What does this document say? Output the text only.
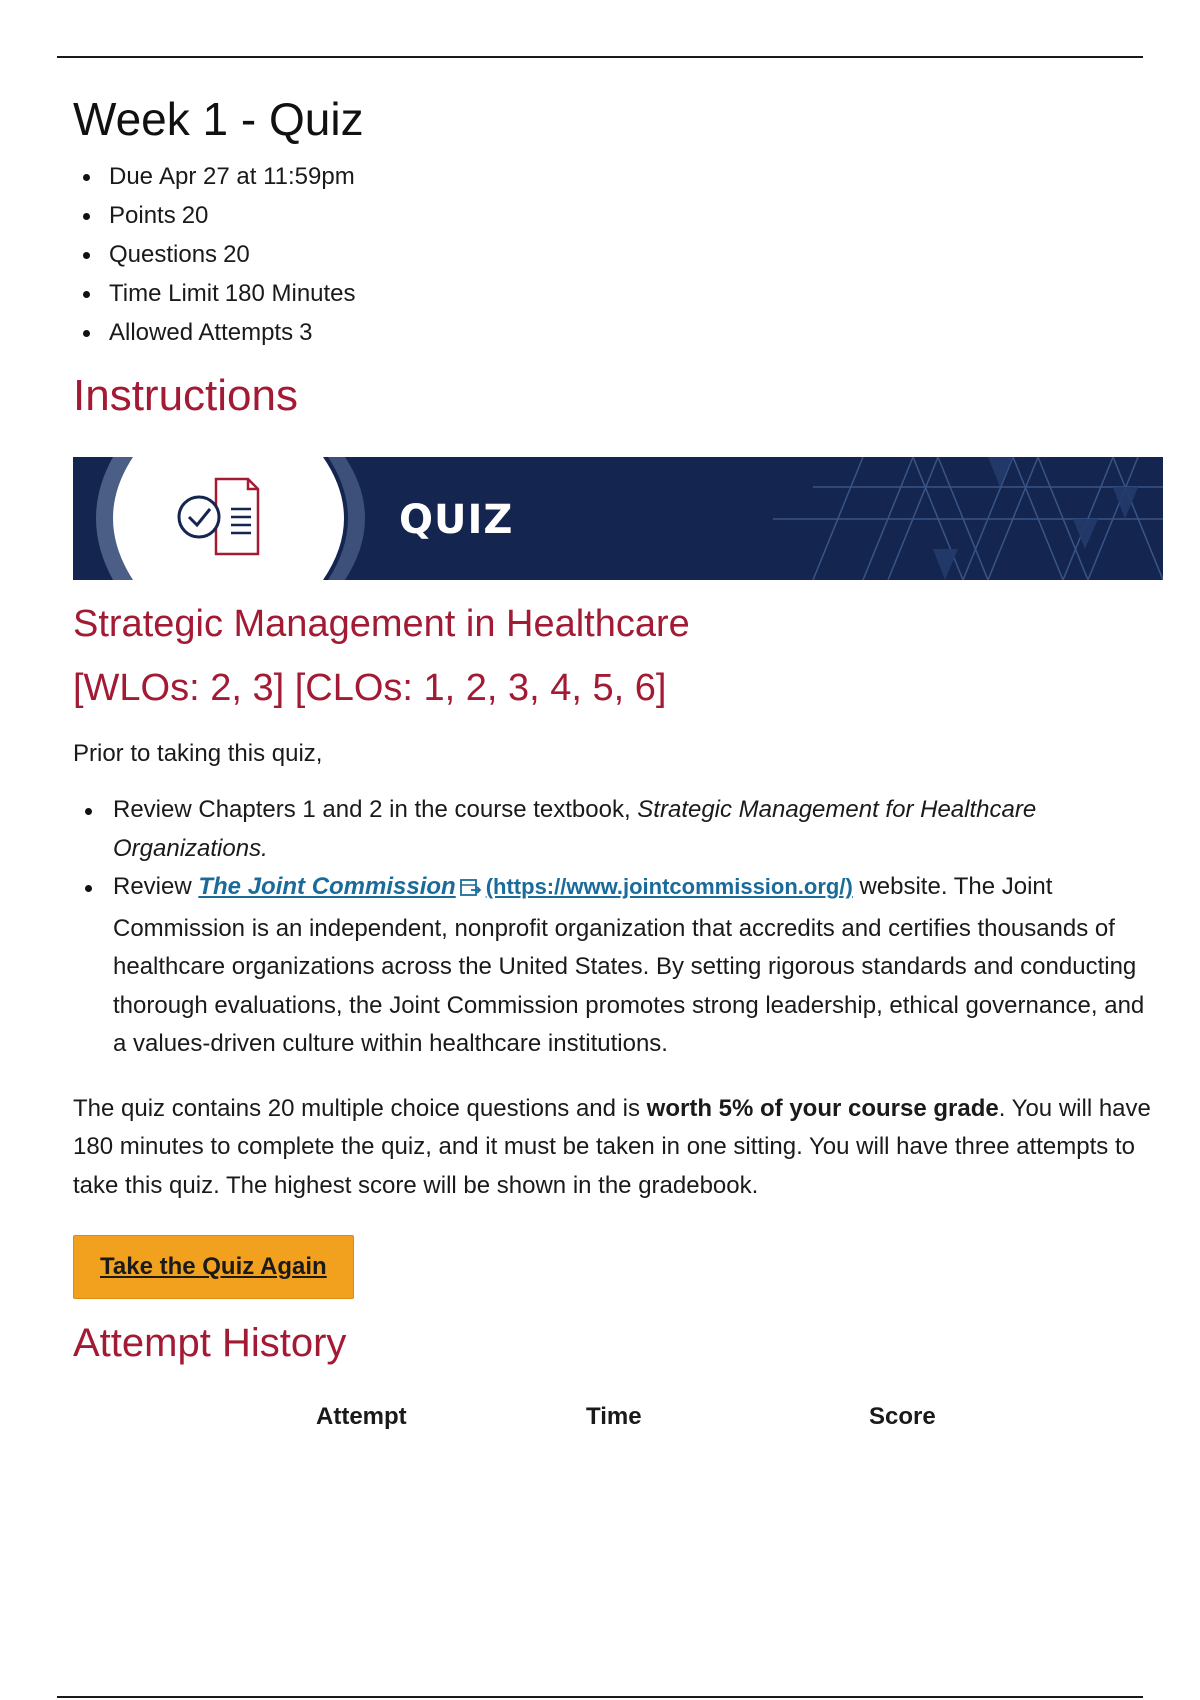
Week 1 - Quiz
Due Apr 27 at 11:59pm
Points 20
Questions 20
Time Limit 180 Minutes
Allowed Attempts 3
Instructions
QUIZ
Strategic Management in Healthcare
[WLOs: 2, 3] [CLOs: 1, 2, 3, 4, 5, 6]

Prior to taking this quiz,

Review Chapters 1 and 2 in the course textbook, Strategic Management for Healthcare Organizations.
Review The Joint Commission (https://www.jointcommission.org/) website. The Joint Commission is an independent, nonprofit organization that accredits and certifies thousands of healthcare organizations across the United States. By setting rigorous standards and conducting thorough evaluations, the Joint Commission promotes strong leadership, ethical governance, and a values-driven culture within healthcare institutions.

The quiz contains 20 multiple choice questions and is worth 5% of your course grade. You will have 180 minutes to complete the quiz, and it must be taken in one sitting. You will have three attempts to take this quiz. The highest score will be shown in the gradebook.

Take the Quiz Again
Attempt History
Attempt	Time	Score
